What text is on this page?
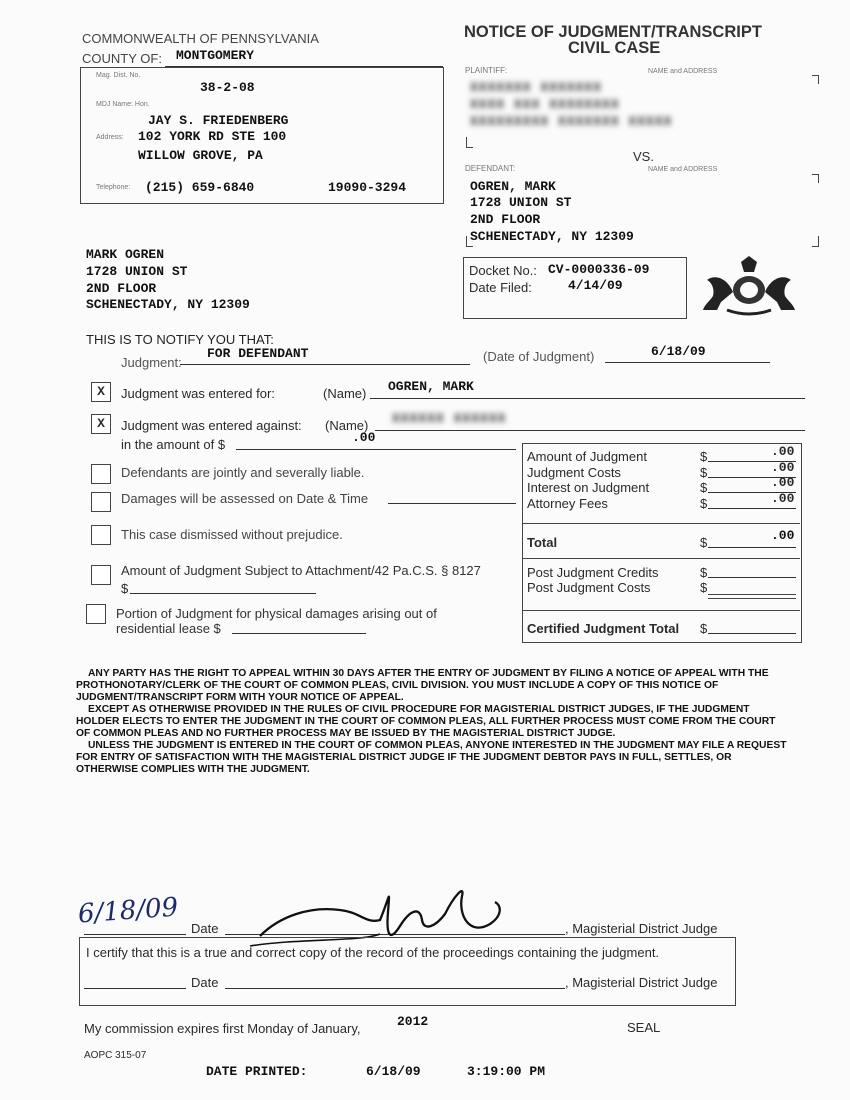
COMMONWEALTH OF PENNSYLVANIA
COUNTY OF: MONTGOMERY
Mag. Dist. No.
38-2-08
MDJ Name: Hon.
JAY S. FRIEDENBERG
Address: 102 YORK RD STE 100
WILLOW GROVE, PA
Telephone: (215) 659-6840	19090-3294
NOTICE OF JUDGMENT/TRANSCRIPT
CIVIL CASE
PLAINTIFF:	NAME and ADDRESS
XXXXXXX XXXXXXX
XXXX XXX XXXXXXXX
XXXXXXXXX XXXXXXX XXXXX
VS.
DEFENDANT:	NAME and ADDRESS
OGREN, MARK
1728 UNION ST
2ND FLOOR
SCHENECTADY, NY 12309
MARK OGREN
1728 UNION ST
2ND FLOOR
SCHENECTADY, NY 12309
Docket No.: CV-0000336-09
Date Filed:	4/14/09
THIS IS TO NOTIFY YOU THAT:
Judgment:
FOR DEFENDANT	(Date of Judgment)	6/18/09
X	Judgment was entered for:	(Name) OGREN, MARK
X	Judgment was entered against: (Name) XXXXXX XXXXXX
in the amount of $	.00
Defendants are jointly and severally liable.
Damages will be assessed on Date & Time
This case dismissed without prejudice.
Amount of Judgment Subject to Attachment/42 Pa.C.S. § 8127
$
Portion of Judgment for physical damages arising out of
residential lease $
Amount of Judgment	$	.00
Judgment Costs	$	.00
Interest on Judgment	$	.00
Attorney Fees	$	.00
Total	$	.00
Post Judgment Credits	$
Post Judgment Costs	$
Certified Judgment Total $

ANY PARTY HAS THE RIGHT TO APPEAL WITHIN 30 DAYS AFTER THE ENTRY OF JUDGMENT BY FILING A NOTICE OF APPEAL WITH THE PROTHONOTARY/CLERK OF THE COURT OF COMMON PLEAS, CIVIL DIVISION. YOU MUST INCLUDE A COPY OF THIS NOTICE OF JUDGMENT/TRANSCRIPT FORM WITH YOUR NOTICE OF APPEAL.

EXCEPT AS OTHERWISE PROVIDED IN THE RULES OF CIVIL PROCEDURE FOR MAGISTERIAL DISTRICT JUDGES, IF THE JUDGMENT HOLDER ELECTS TO ENTER THE JUDGMENT IN THE COURT OF COMMON PLEAS, ALL FURTHER PROCESS MUST COME FROM THE COURT OF COMMON PLEAS AND NO FURTHER PROCESS MAY BE ISSUED BY THE MAGISTERIAL DISTRICT JUDGE.

UNLESS THE JUDGMENT IS ENTERED IN THE COURT OF COMMON PLEAS, ANYONE INTERESTED IN THE JUDGMENT MAY FILE A REQUEST FOR ENTRY OF SATISFACTION WITH THE MAGISTERIAL DISTRICT JUDGE IF THE JUDGMENT DEBTOR PAYS IN FULL, SETTLES, OR OTHERWISE COMPLIES WITH THE JUDGMENT.

6/18/09 Date	, Magisterial District Judge
I certify that this is a true and correct copy of the record of the proceedings containing the judgment.
Date	, Magisterial District Judge
My commission expires first Monday of January,	2012	SEAL
AOPC 315-07
DATE PRINTED:	6/18/09	3:19:00 PM
